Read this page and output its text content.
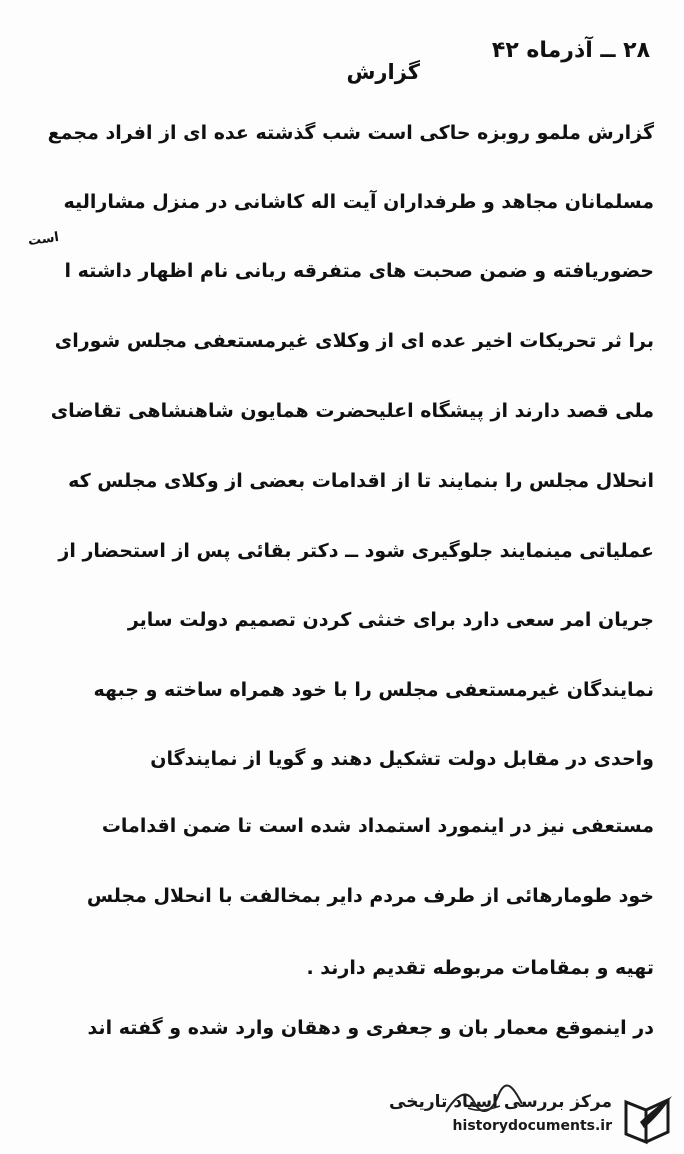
۲۸ ــ آذرماه ۴۲
گزارش
است
گزارش ملمو روبزه حاکی است شب گذشته عده ای از افراد مجمع
مسلمانان مجاهد و طرفداران آیت اله کاشانی در منزل مشارالیه
حضوریافته و ضمن صحبت های متفرقه ربانی نام اظهار داشته ا
برا ثر تحریکات اخیر عده ای از وکلای غیرمستعفی مجلس شورای
ملی قصد دارند از پیشگاه اعلیحضرت همایون شاهنشاهی تقاضای
انحلال مجلس را بنمایند تا از اقدامات بعضی از وکلای مجلس که
عملیاتی مینمایند جلوگیری شود ــ دکتر بقائی پس از استحضار از
جریان امر سعی دارد برای خنثی کردن تصمیم دولت سایر
نمایندگان غیرمستعفی مجلس را با خود همراه ساخته و جبهه
واحدی در مقابل دولت تشکیل دهند و گویا از نمایندگان
مستعفی نیز در اینمورد استمداد شده است تا ضمن اقدامات
خود طومارهائی از طرف مردم دایر بمخالفت با انحلال مجلس
تهیه و بمقامات مربوطه تقدیم دارند .
در اینموقع معمار بان و جعفری و دهقان وارد شده و گفته اند
مرکز بررسی اسناد تاریخی
historydocuments.ir
